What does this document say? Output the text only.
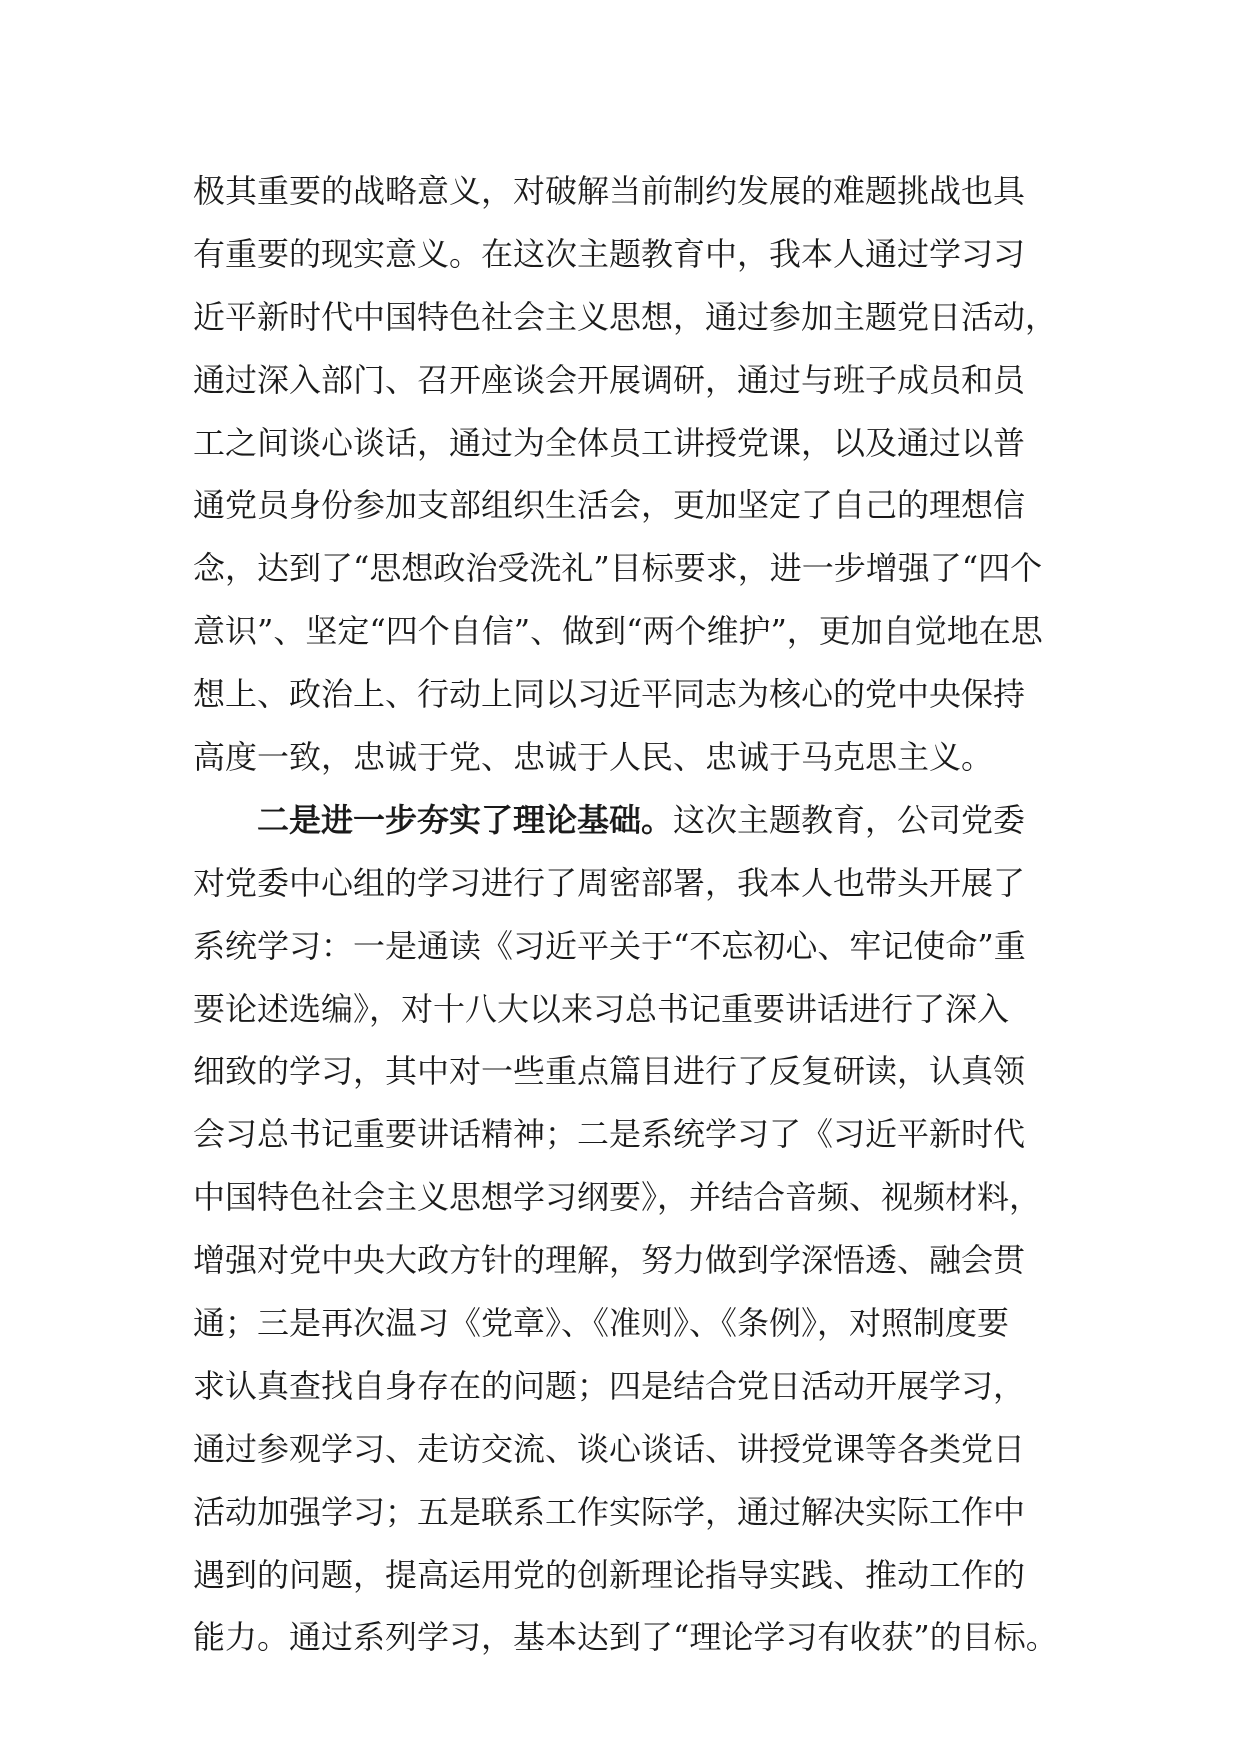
极其重要的战略意义，对破解当前制约发展的难题挑战也具
有重要的现实意义。在这次主题教育中，我本人通过学习习
近平新时代中国特色社会主义思想，通过参加主题党日活动，
通过深入部门、召开座谈会开展调研，通过与班子成员和员
工之间谈心谈话，通过为全体员工讲授党课，以及通过以普
通党员身份参加支部组织生活会，更加坚定了自己的理想信
念，达到了“思想政治受洗礼”目标要求，进一步增强了“四个
意识”、坚定“四个自信”、做到“两个维护”，更加自觉地在思
想上、政治上、行动上同以习近平同志为核心的党中央保持
高度一致，忠诚于党、忠诚于人民、忠诚于马克思主义。
二是进一步夯实了理论基础。这次主题教育，公司党委
对党委中心组的学习进行了周密部署，我本人也带头开展了
系统学习：一是通读《习近平关于“不忘初心、牢记使命”重
要论述选编》，对十八大以来习总书记重要讲话进行了深入
细致的学习，其中对一些重点篇目进行了反复研读，认真领
会习总书记重要讲话精神；二是系统学习了《习近平新时代
中国特色社会主义思想学习纲要》，并结合音频、视频材料，
增强对党中央大政方针的理解，努力做到学深悟透、融会贯
通；三是再次温习《党章》、《准则》、《条例》，对照制度要
求认真查找自身存在的问题；四是结合党日活动开展学习，
通过参观学习、走访交流、谈心谈话、讲授党课等各类党日
活动加强学习；五是联系工作实际学，通过解决实际工作中
遇到的问题，提高运用党的创新理论指导实践、推动工作的
能力。通过系列学习，基本达到了“理论学习有收获”的目标。
